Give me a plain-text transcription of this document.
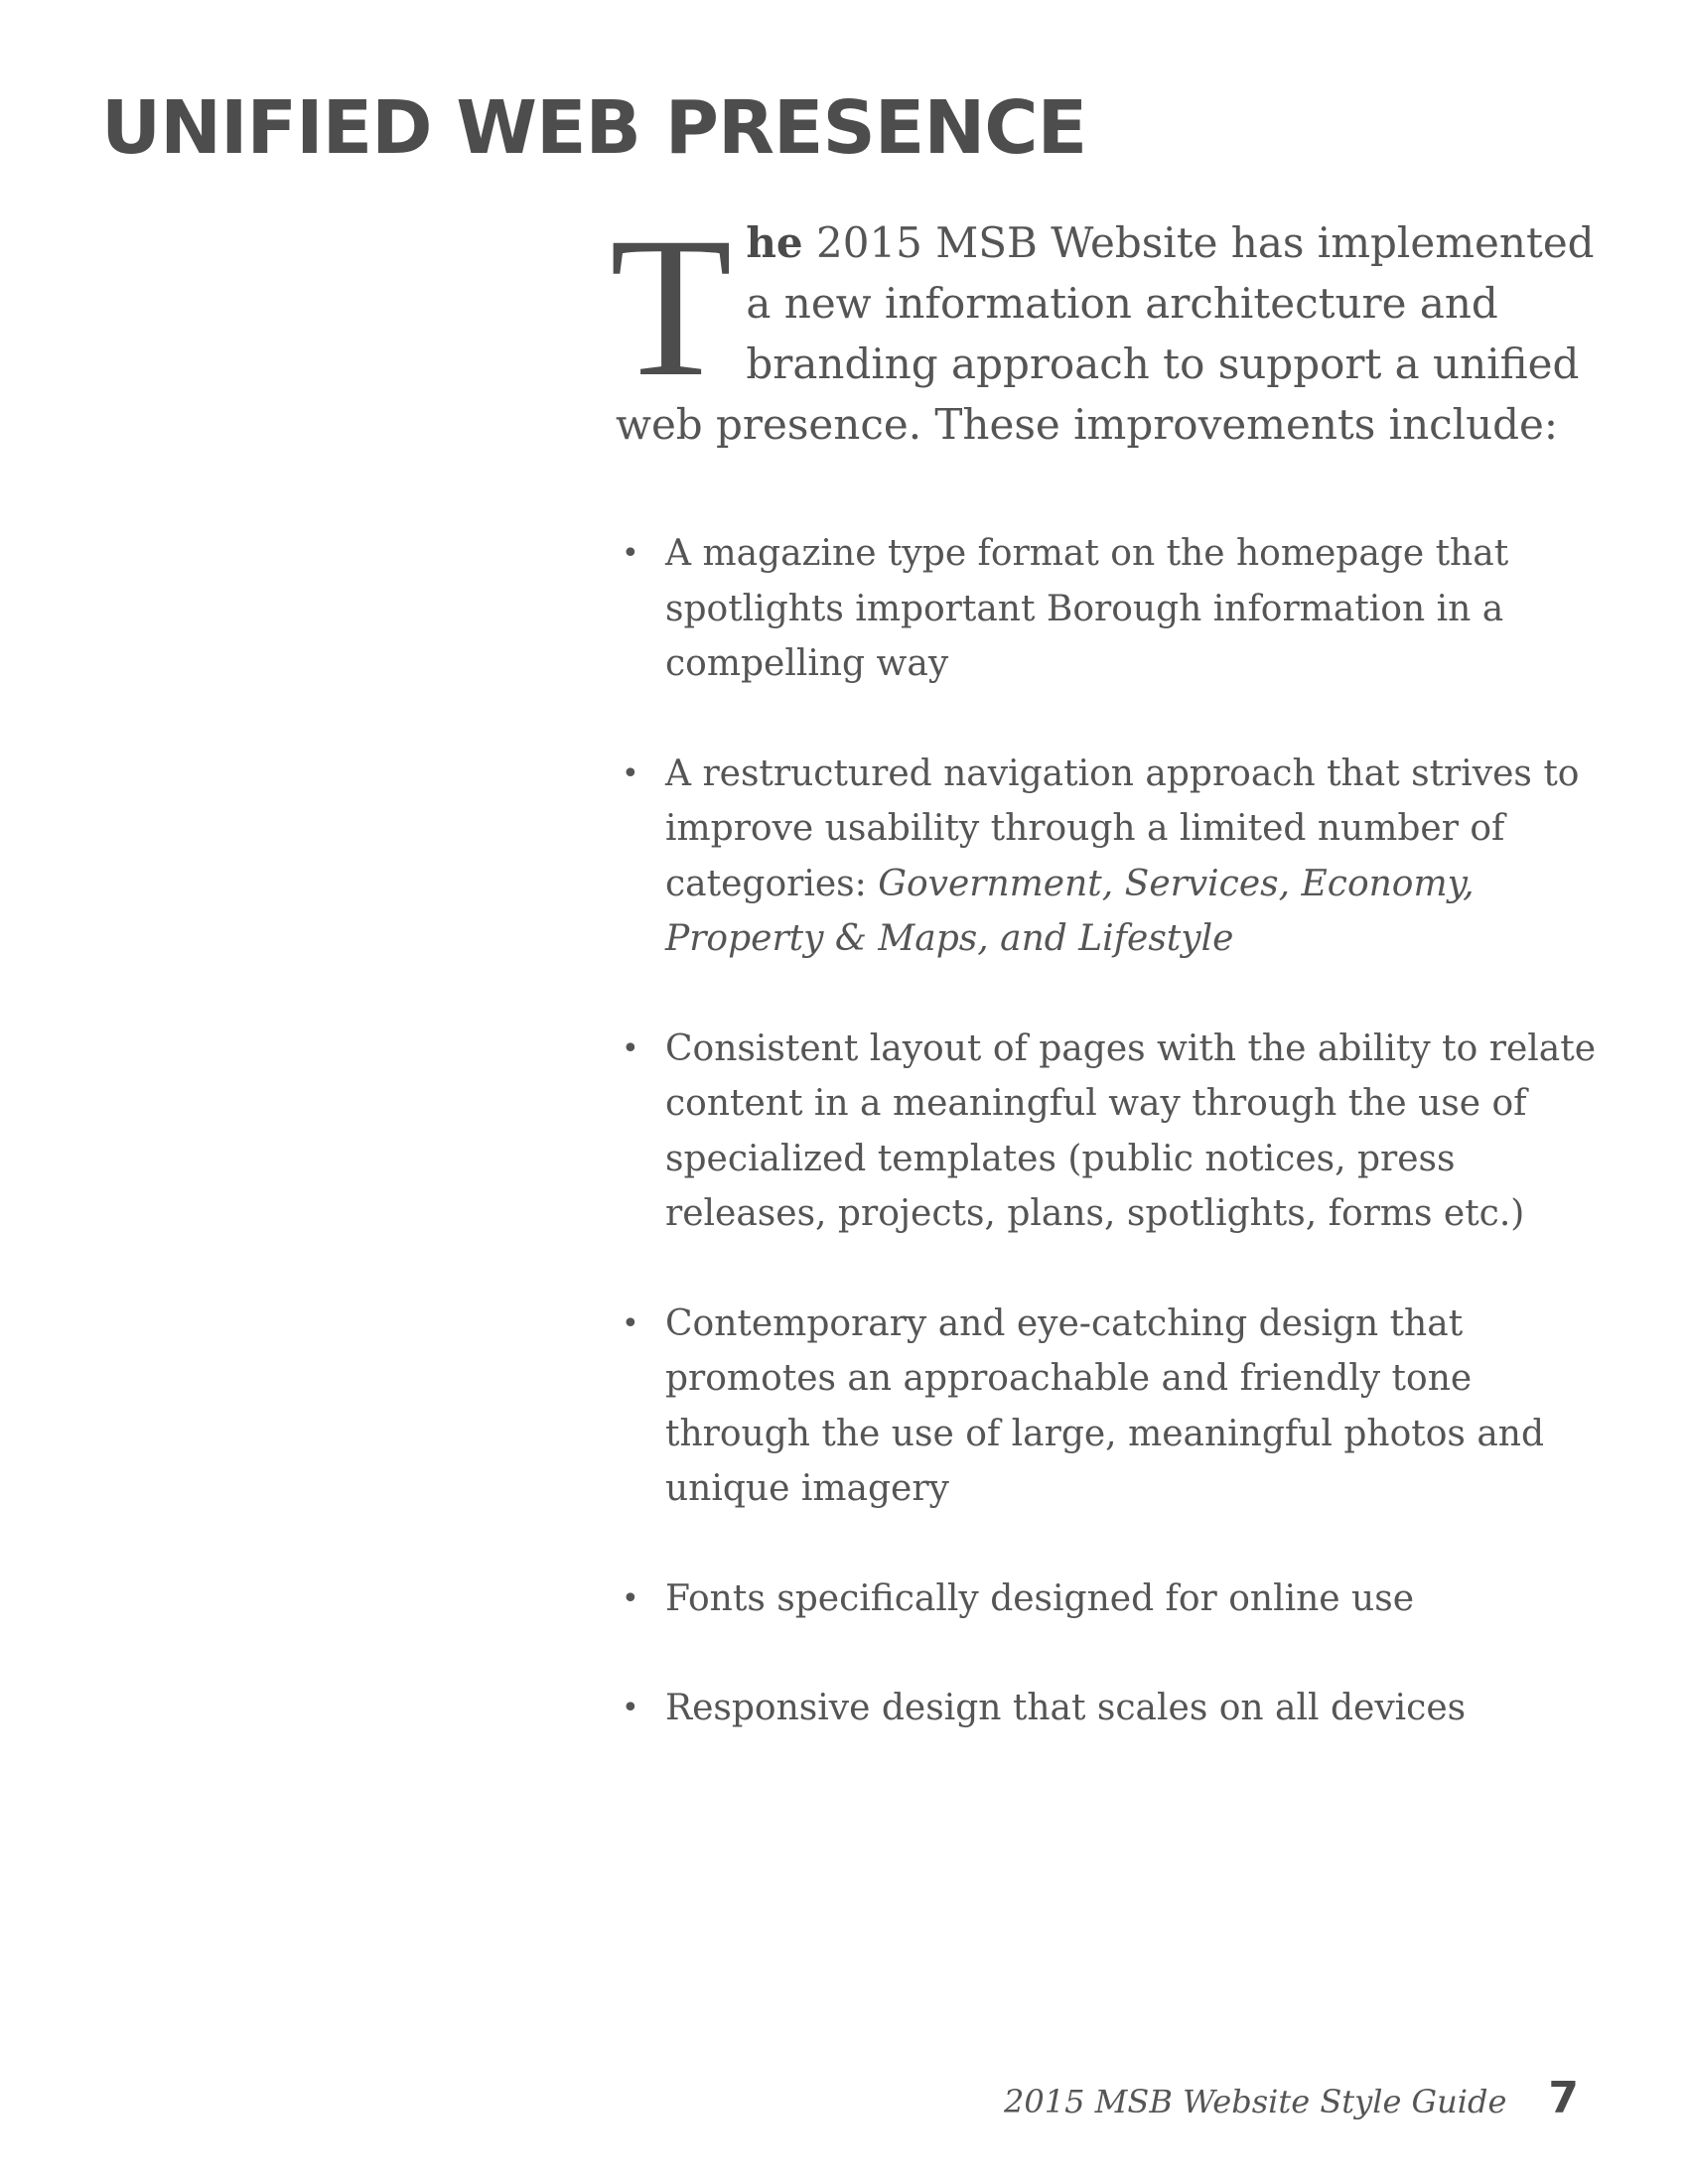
UNIFIED WEB PRESENCE

The 2015 MSB Website has implemented a new information architecture and branding approach to support a unified web presence. These improvements include:

• A magazine type format on the homepage that spotlights important Borough information in a compelling way
• A restructured navigation approach that strives to improve usability through a limited number of categories: Government, Services, Economy, Property & Maps, and Lifestyle
• Consistent layout of pages with the ability to relate content in a meaningful way through the use of specialized templates (public notices, press releases, projects, plans, spotlights, forms etc.)
• Contemporary and eye-catching design that promotes an approachable and friendly tone through the use of large, meaningful photos and unique imagery
• Fonts specifically designed for online use
• Responsive design that scales on all devices
2015 MSB Website Style Guide 7
